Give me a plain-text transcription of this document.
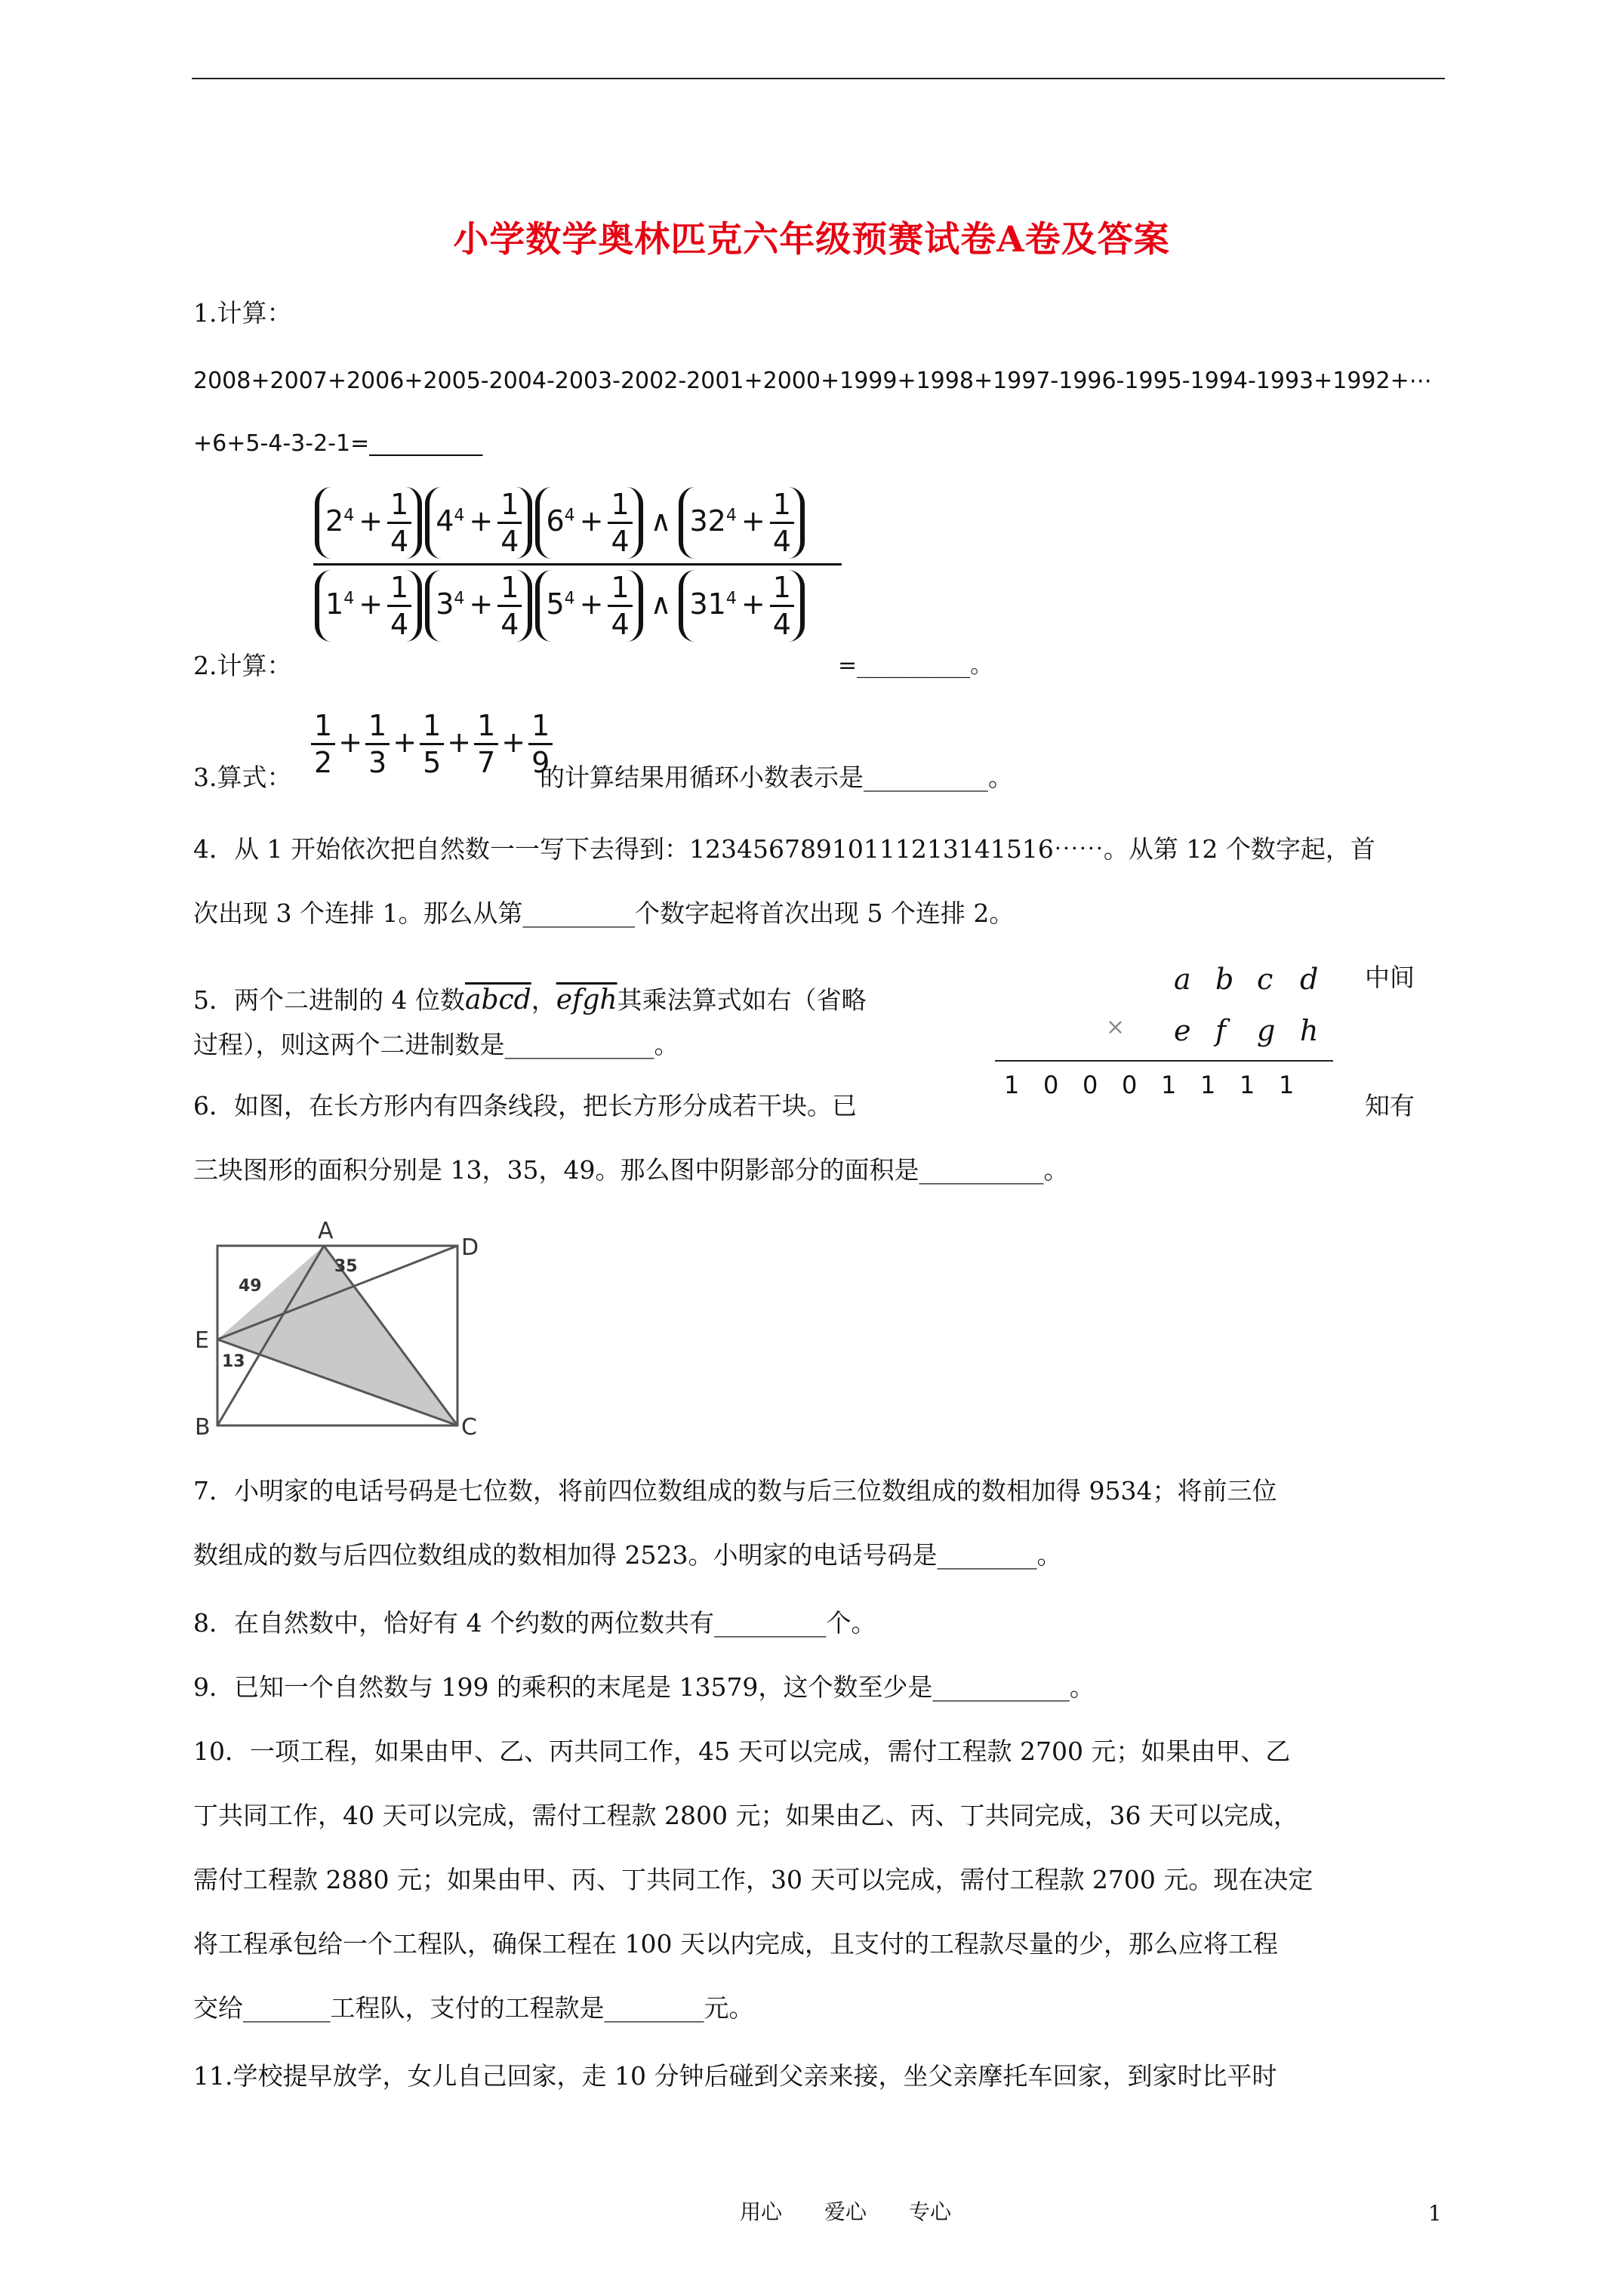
小学数学奥林匹克六年级预赛试卷A卷及答案
1.计算：
2008+2007+2006+2005-2004-2003-2002-2001+2000+1999+1998+1997-1996-1995-1994-1993+1992+⋯
+6+5-4-3-2-1=__________
$\frac{2^4 + \frac{1}{4} 4^4 + \frac{1}{4} 6^4 + \frac{1}{4} \wedge 32^4 + \frac{1}{4}}{1^4 + \frac{1}{4} 3^4 + \frac{1}{4} 5^4 + \frac{1}{4} \wedge 31^4 + \frac{1}{4}}$
2.计算：	=__________。
3.算式：
$\frac{1}{2} + \frac{1}{3} + \frac{1}{5} + \frac{1}{7} + \frac{1}{9}$
的计算结果用循环小数表示是__________。
4．从 1 开始依次把自然数一一写下去得到：12345678910111213141516⋯⋯。从第 12 个数字起，首
次出现 3 个连排 1。那么从第_________个数字起将首次出现 5 个连排 2。
5．两个二进制的 4 位数abcd，efgh其乘法算式如右（省略
过程），则这两个二进制数是____________。
中间
a b c d
× e f g h
1 0 0 0 1 1 1 1
6．如图，在长方形内有四条线段，把长方形分成若干块。已	知有
三块图形的面积分别是 13，35，49。那么图中阴影部分的面积是__________。
A
D
E
B	C
49
35
13
7．小明家的电话号码是七位数，将前四位数组成的数与后三位数组成的数相加得 9534；将前三位
数组成的数与后四位数组成的数相加得 2523。小明家的电话号码是________。
8．在自然数中，恰好有 4 个约数的两位数共有_________个。
9．已知一个自然数与 199 的乘积的末尾是 13579，这个数至少是___________。
10．一项工程，如果由甲、乙、丙共同工作，45 天可以完成，需付工程款 2700 元；如果由甲、乙
丁共同工作，40 天可以完成，需付工程款 2800 元；如果由乙、丙、丁共同完成，36 天可以完成，
需付工程款 2880 元；如果由甲、丙、丁共同工作，30 天可以完成，需付工程款 2700 元。现在决定
将工程承包给一个工程队，确保工程在 100 天以内完成，且支付的工程款尽量的少，那么应将工程
交给_______工程队，支付的工程款是________元。
11.学校提早放学，女儿自己回家，走 10 分钟后碰到父亲来接，坐父亲摩托车回家，到家时比平时
用心　　爱心　　专心	1
